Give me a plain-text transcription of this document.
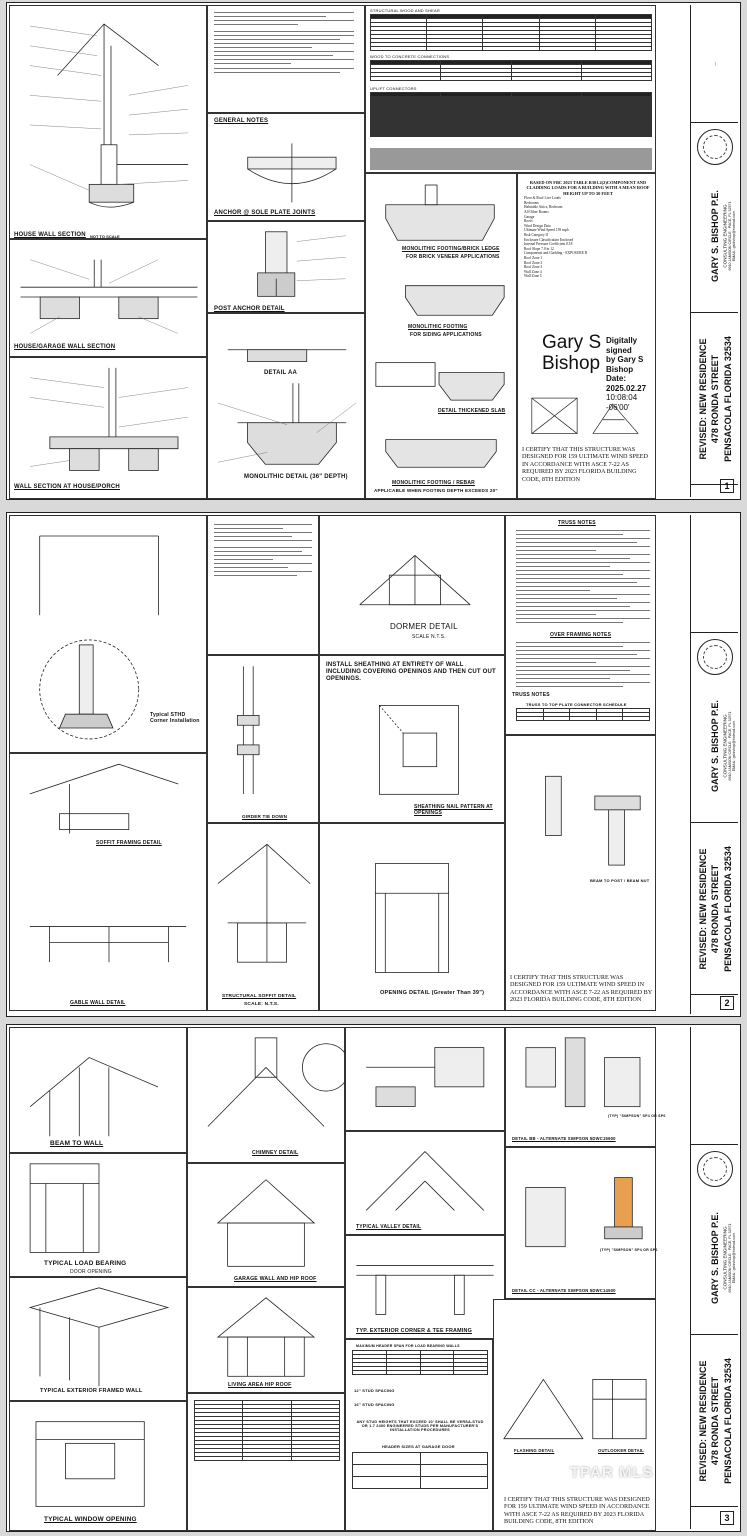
HOUSE WALL SECTION NOT TO SCALE
HOUSE/GARAGE WALL SECTION
WALL SECTION AT HOUSE/PORCH
GENERAL NOTES
ANCHOR @ SOLE PLATE JOINTS
POST ANCHOR DETAIL
DETAIL AA
MONOLITHIC DETAIL (36" DEPTH)
STRUCTURAL WOOD AND SHEAR

WOOD TO CONCRETE CONNECTIONS

UPLIFT CONNECTORS

MONOLITHIC FOOTING/BRICK LEDGE
FOR BRICK VENEER APPLICATIONS
MONOLITHIC FOOTING
FOR SIDING APPLICATIONS
DETAIL THICKENED SLAB
MONOLITHIC FOOTING / REBAR
APPLICABLE WHEN FOOTING DEPTH EXCEEDS 20"
BASED ON FBC 2023 TABLE R301.2(2)COMPONENT AND CLADDING LOADS FOR A BUILDING WITH A MEAN ROOF HEIGHT UP TO 30 FEET
Floor & Roof Live Loads
Bedrooms
Habitable Attics, Bedroom
All Other Rooms
Garage
Roofs
Wind Design Data
Ultimate Wind Speed 159 mph
Risk Category II
Enclosure Classification Enclosed
Internal Pressure Coefficient 0.18
Roof Slope 7.0 in 12
Components and Cladding - EXPOSURE B
Roof Zone 1
Roof Zone 2
Roof Zone 3
Wall Zone 4
Wall Zone 5
Gary S
Bishop
Digitally signed
by Gary S Bishop
Date: 2025.02.27
10:08:04 -06'00'
I CERTIFY THAT THIS STRUCTURE WAS DESIGNED FOR 159 ULTIMATE WIND SPEED IN ACCORDANCE WITH ASCE 7-22 AS REQUIRED BY 2023 FLORIDA BUILDING CODE, 8TH EDITION
—
GARY S. BISHOP P.E. CONSULTING ENGINEERING 6910 JAMISON CIRCLE · PACE, FL 32571 EMAIL: gsbishop@hotmail.com
REVISED: NEW RESIDENCE 478 RONDA STREET PENSACOLA FLORIDA 32534
1
Typical STHD Corner Installation
SOFFIT FRAMING DETAIL
GABLE WALL DETAIL
GIRDER TIE DOWN
STRUCTURAL SOFFIT DETAIL
SCALE: N.T.S.
DORMER DETAIL
SCALE N.T.S.
INSTALL SHEATHING AT ENTIRETY OF WALL INCLUDING COVERING OPENINGS AND THEN CUT OUT OPENINGS.
SHEATHING NAIL PATTERN AT OPENINGS
OPENING DETAIL (Greater Than 39")
TRUSS NOTES
OVER FRAMING NOTES
TRUSS NOTES
TRUSS TO TOP PLATE CONNECTOR SCHEDULE

BEAM TO POST / BEAM NUT
I CERTIFY THAT THIS STRUCTURE WAS DESIGNED FOR 159 ULTIMATE WIND SPEED IN ACCORDANCE WITH ASCE 7-22 AS REQUIRED BY 2023 FLORIDA BUILDING CODE, 8TH EDITION
GARY S. BISHOP P.E. CONSULTING ENGINEERING 6910 JAMISON CIRCLE · PACE, FL 32571 EMAIL: gsbishop@hotmail.com
REVISED: NEW RESIDENCE 478 RONDA STREET PENSACOLA FLORIDA 32534
2
BEAM TO WALL
TYPICAL LOAD BEARING
DOOR OPENING
TYPICAL EXTERIOR FRAMED WALL
TYPICAL WINDOW OPENING
CHIMNEY DETAIL
GARAGE WALL AND HIP ROOF
LIVING AREA HIP ROOF

TYPICAL VALLEY DETAIL
TYP. EXTERIOR CORNER & TEE FRAMING
MAXIMUM HEADER SPAN FOR LOAD BEARING WALLS

12" STUD SPACING
16" STUD SPACING
ANY STUD HEIGHTS THAT EXCEED 10' SHALL BE VERSA-STUD OR 1.7 2400 ENGINEERED STUDS PER MANUFACTURER'S INSTALLATION PROCEDURES
HEADER SIZES AT GARAGE DOOR

DETAIL BB - ALTERNATE SIMPSON 5DWC15600
(TYP) "SIMPSON" SP4 OR SP6
(TYP) "SIMPSON" SP4 OR SP6
DETAIL CC - ALTERNATE SIMPSON 5DWC14500
FLASHING DETAIL	OUTLOOKER DETAIL
I CERTIFY THAT THIS STRUCTURE WAS DESIGNED FOR 159 ULTIMATE WIND SPEED IN ACCORDANCE WITH ASCE 7-22 AS REQUIRED BY 2023 FLORIDA BUILDING CODE, 8TH EDITION
TPAR MLS
GARY S. BISHOP P.E. CONSULTING ENGINEERING 6910 JAMISON CIRCLE · PACE, FL 32571 EMAIL: gsbishop@hotmail.com
REVISED: NEW RESIDENCE 478 RONDA STREET PENSACOLA FLORIDA 32534
3
